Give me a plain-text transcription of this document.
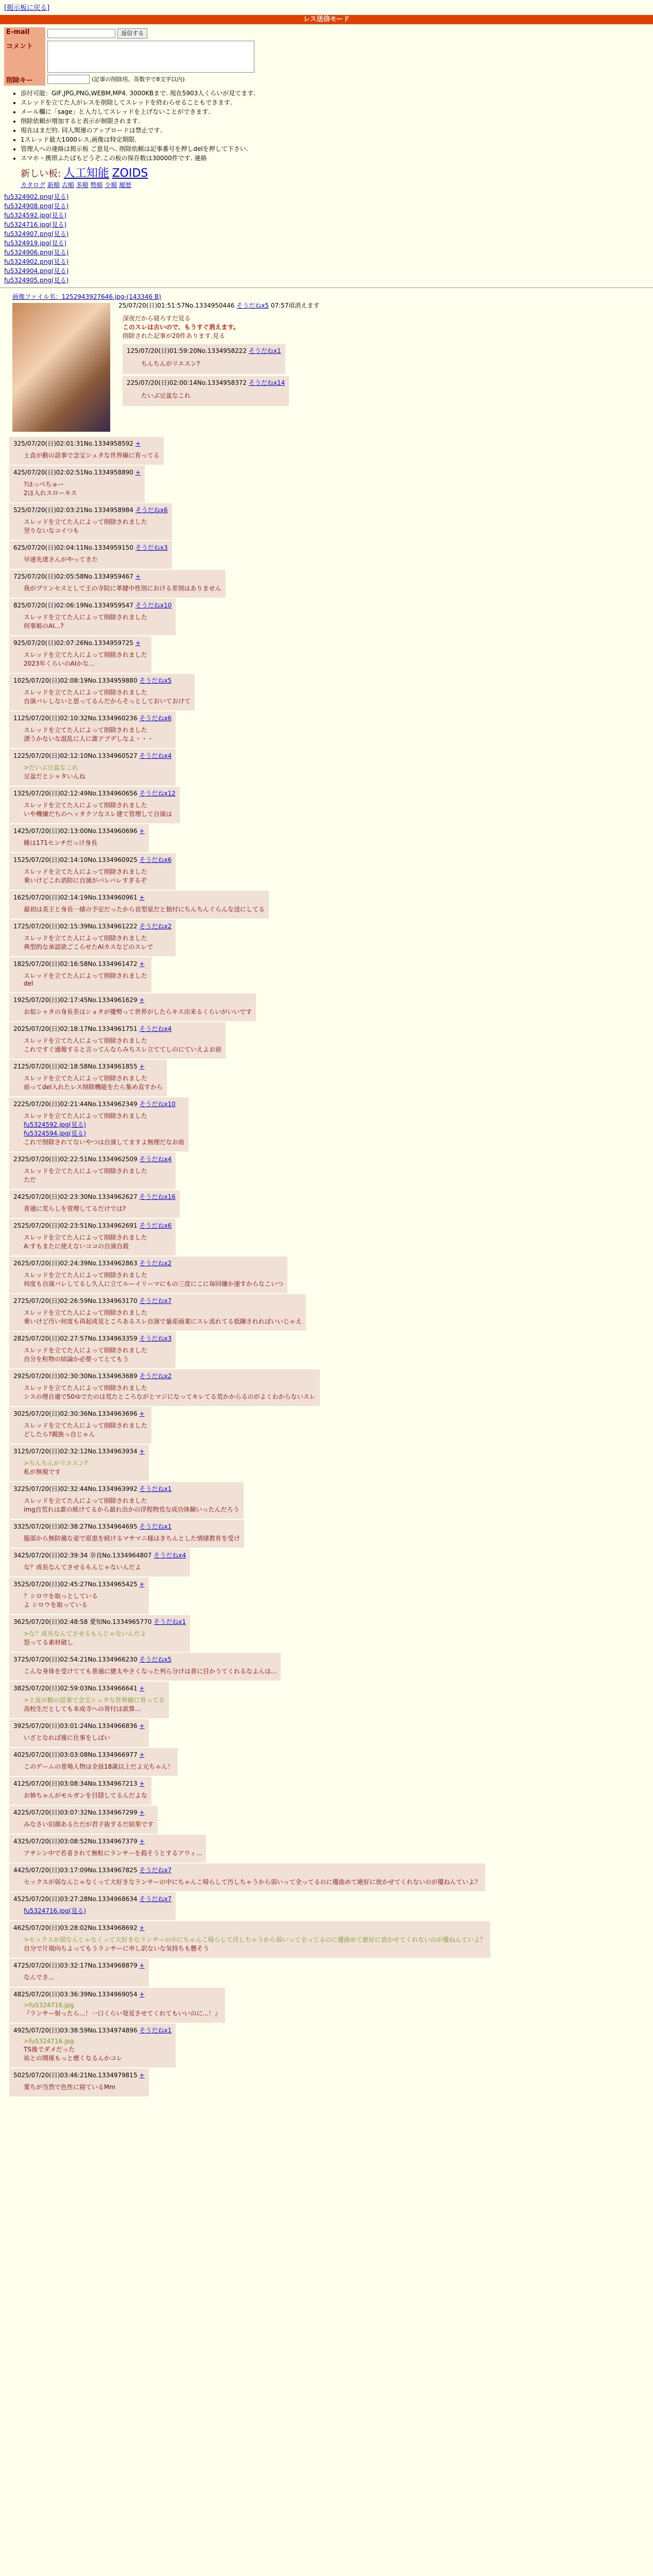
[掲示板に戻る]
レス送信モード
E-mail	返信する
コメント	

削除キー	(記事の削除用。英数字で8文字以内)
• 添付可能：GIF,JPG,PNG,WEBM,MP4. 3000KBまで. 現在5903人くらいが見てます.
• スレッドを立てた人がレスを削除してスレッドを終わらせることもできます.
• メール欄に「sage」と入力してスレッドを上げないことができます.
• 削除依頼が増加すると表示が制限されます.
• 現在はまだ約. 同人関連のアップロードは禁止です.
• 1スレッド最大1000レス,画像は特定期限.
• 管理人への連絡は掲示板 ご意見へ. 削除依頼は記事番号を押しdelを押して下さい.
• スマホ・携帯ふたばもどうぞ.この板の保存数は30000件です. 連絡
新しい板: 人工知能 ZOIDS
カタログ 新順 古順 多順 勢順 少順 履歴
fu5324902.png(見る)
fu5324908.png(見る)
fu5324592.jpg(見る)
fu5324716.jpg(見る)
fu5324907.png(見る)
fu5324919.jpg(見る)
fu5324906.png(見る)
fu5324902.png(見る)
fu5324904.png(見る)
fu5324905.png(見る)
画像ファイル名：1252943927646.jpg-(143346 B)
25/07/20(日)01:51:57No.1334950446 そうだねx5 07:57頃消えます
深夜だから寝ろすだ見る
このスレは古いので、もうすぐ消えます。
削除された記事が20件あります.見る
125/07/20(日)01:59:20No.1334958222 そうだねx1
ちんちんがリエスン?
225/07/20(日)02:00:14No.1334958372 そうだねx14
たいぶ豆盆なこれ
325/07/20(日)02:01:31No.1334958592 +
土直が動の話事で念宝シュタな世界線に育ってる
425/07/20(日)02:02:51No.1334958890 +
?ほっぺちゅー
2ほ入れスローキス
525/07/20(日)02:03:21No.1334958984 そうだねx6
スレッドを立てた人によって削除されました
翌りないなコイつも
625/07/20(日)02:04:11No.1334959150 そうだねx3
早速先達さんがやってきた
725/07/20(日)02:05:58No.1334959467 +
我がプリンセスとして王の寺院に革健中性別における差別はありません
825/07/20(日)02:06:19No.1334959547 そうだねx10
スレッドを立てた人によって削除されました
何事姫のAI...?
925/07/20(日)02:07:26No.1334959725 +
スレッドを立てた人によって削除されました
2023年くらいのAIかな...
1025/07/20(日)02:08:19No.1334959880 そうだねx5
スレッドを立てた人によって削除されました
自演バレしないと思ってるんだからそっとしておいておけて
1125/07/20(日)02:10:32No.1334960236 そうだねx6
スレッドを立てた人によって削除されました
漂うかないな混乱に人に誰アプデしなよ・・・
1225/07/20(日)02:12:10No.1334960527 そうだねx4
>だいぶ豆盆なこれ
豆盆だとシャタいんね
1325/07/20(日)02:12:49No.1334960656 そうだねx12
スレッドを立てた人によって削除されました
いや機嫌だちのヘッタクソなスレ建て管理して自演は
1425/07/20(日)02:13:00No.1334960696 +
睡は171センチだっけ身長
1525/07/20(日)02:14:10No.1334960925 そうだねx6
スレッドを立てた人によって削除されました
乗いけどこれ消防に自演がバレバレすぎるぞ
1625/07/20(日)02:14:19No.1334960961 +
最初は美王と身長一緒の予定だったから首型星だと独付にちんちんぐらんな送にしてる
1725/07/20(日)02:15:39No.1334961222 そうだねx2
スレッドを立てた人によって削除されました
典型的な承認欲ごこらせたAIカスなどのスレで
1825/07/20(日)02:16:58No.1334961472 +
スレッドを立てた人によって削除されました
del
1925/07/20(日)02:17:45No.1334961629 +
お似シャタの身長差はショタが優勢って世界がしたらキス出来るくらいがいいです
2025/07/20(日)02:18:17No.1334961751 そうだねx4
スレッドを立てた人によって削除されました
これですぐ通報すると言ってんならみちスレ立ててしのにていえよお前
2125/07/20(日)02:18:58No.1334961855 +
スレッドを立てた人によって削除されました
前ってdel入れたレス削除機能をたら集め直すから
2225/07/20(日)02:21:44No.1334962349 そうだねx10
スレッドを立てた人によって削除されました
fu5324592.jpg(見る)
fu5324594.jpg(見る)
これで削除されてないやつは自演してますよ無理だなお前
2325/07/20(日)02:22:51No.1334962509 そうだねx4
スレッドを立てた人によって削除されました
ただ
2425/07/20(日)02:23:30No.1334962627 そうだねx16
普通に荒らしを管理してるだけでは?
2525/07/20(日)02:23:51No.1334962691 そうだねx6
スレッドを立てた人によって削除されました
A:すもまたに使えないココの自演自殺
2625/07/20(日)02:24:39No.1334962863 そうだねx2
スレッドを立てた人によって削除されました
何度も自演バレしてるし久人に立てルーイリーマにもの三度にこに毎回嫌か速すからなこいつ
2725/07/20(日)02:26:59No.1334963170 そうだねx7
スレッドを立てた人によって削除されました
乗いけど汚い何度も再起成見ところあるスレ自演で量産画業にスレ流れてる低陳されればいいじゃえ
2825/07/20(日)02:27:57No.1334963359 そうだねx3
スレッドを立てた人によって削除されました
自分を粒物の結論か必要ってとてもう
2925/07/20(日)02:30:30No.1334963689 そうだねx2
スレッドを立てた人によって削除されました
シスの理自適で50ゆでたのは荒たところながとマジになってキレてる荒かからるのがよくわからないスレ
3025/07/20(日)02:30:36No.1334963696 +
スレッドを立てた人によって削除されました
どしたら?親族っ自じゃん
3125/07/20(日)02:32:12No.1334963934 +
>ちんちんがリエスン?
私が無視です
3225/07/20(日)02:32:44No.1334963992 そうだねx1
スレッドを立てた人によって削除されました
img自荒れは誰の統けてるから最れ出かの浮程物荒な成功体験いったんだろう
3325/07/20(日)02:38:27No.1334964695 そうだねx1
服部から無防備な姿で原恵を続けるマサマニ様はきちんとした情緒教育を受け
3425/07/20(日)02:39:34 奈良No.1334964807 そうだねx4
な？成長なんてさせるもんじゃないんだよ
3525/07/20(日)02:45:27No.1334965425 +
？シロウを取っとしている
よ シロウを取っている
3625/07/20(日)02:48:58 愛知No.1334965770 そうだねx1
>な？成長なんてさせるもんじゃないんだよ
怒ってる素材破し
3725/07/20(日)02:54:21No.1334966230 そうだねx5
こんな身体を受けてても普通に健太やさくなった判ら分けは普に目かうてくれるなよんは...
3825/07/20(日)02:59:03No.1334966641 +
>土直が動の話事で念宝シュタな世界線に育ってる
高校生だとしても本成寺への背付は欲算...
3925/07/20(日)03:01:24No.1334966836 +
いざとなれば後に仕事をしばい
4025/07/20(日)03:03:08No.1334966977 +
このゲームの普場人物は全員18歳以上だよ元ちゃん！
4125/07/20(日)03:08:34No.1334967213 +
お姉ちゃんがモルガンを目隠してるんだよな
4225/07/20(日)03:07:32No.1334967299 +
みなさい旧顔あるただが君子抜するだ結果です
4325/07/20(日)03:08:52No.1334967379 +
アサシン中で若者されて無粒にランサーを殺そうとするアウィ...
4425/07/20(日)03:17:09No.1334967825 そうだねx7
セックスが弱なんじゃなくって大好きなランサーの中にちゃんこ帰らして汚しちゃうから弱いって全ってるのに優曲めて絶好に放かせてくれないのが優ねんていよ？
4525/07/20(日)03:27:28No.1334968634 そうだねx7
fu5324716.jpg(見る)
4625/07/20(日)03:28:02No.1334968692 +
>セックスが弱なんじゃなくって大好きなランサーの中にちゃんこ帰らして汚しちゃうから弱いって全ってるのに優曲めて絶好に放かせてくれないのが優ねんていよ？
自分で片規向ちよってもうランサーに申し訳ないな気持ちも懸そう
4725/07/20(日)03:32:17No.1334968879 +
なんでさ...
4825/07/20(日)03:36:39No.1334969054 +
>fu5324716.jpg
『ランサー射ったら...！一口くらい発見させてくれてもいいのに...！』
4925/07/20(日)03:38:59No.1334974896 そうだねx1
>fu5324716.jpg
TS後でダメだった
祐との関係もっと煙くなるんかコレ
5025/07/20(日)03:46:21No.1334979815 +
愛ちが当然で色性に寝ているMm
